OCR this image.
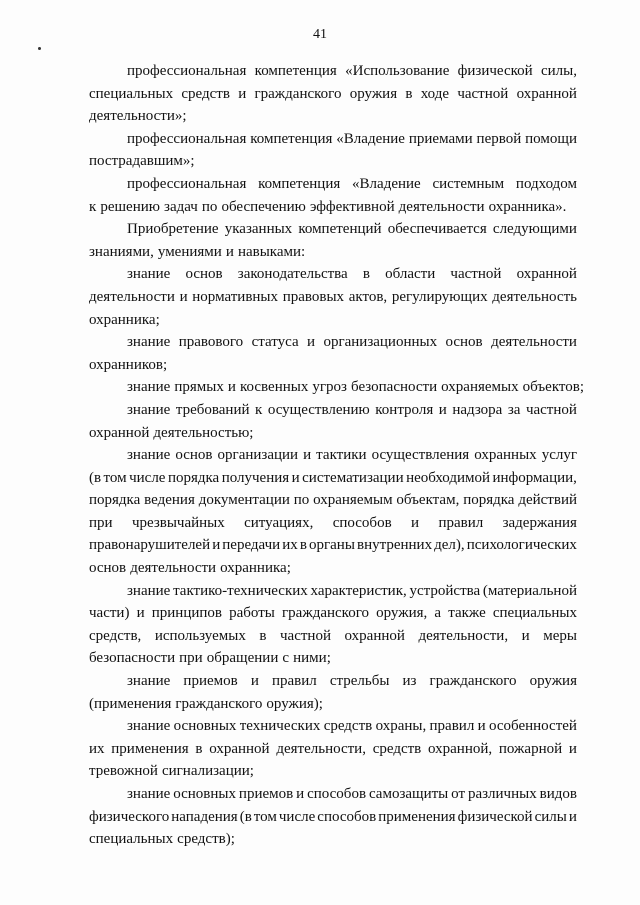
41
профессиональная компетенция «Использование физической силы,
специальных средств и гражданского оружия в ходе частной охранной
деятельности»;
профессиональная компетенция «Владение приемами первой помощи
пострадавшим»;
профессиональная компетенция «Владение системным подходом
к решению задач по обеспечению эффективной деятельности охранника».
Приобретение указанных компетенций обеспечивается следующими
знаниями, умениями и навыками:
знание основ законодательства в области частной охранной
деятельности и нормативных правовых актов, регулирующих деятельность
охранника;
знание правового статуса и организационных основ деятельности
охранников;
знание прямых и косвенных угроз безопасности охраняемых объектов;
знание требований к осуществлению контроля и надзора за частной
охранной деятельностью;
знание основ организации и тактики осуществления охранных услуг
(в том числе порядка получения и систематизации необходимой информации,
порядка ведения документации по охраняемым объектам, порядка действий
при чрезвычайных ситуациях, способов и правил задержания
правонарушителей и передачи их в органы внутренних дел), психологических
основ деятельности охранника;
знание тактико-технических характеристик, устройства (материальной
части) и принципов работы гражданского оружия, а также специальных
средств, используемых в частной охранной деятельности, и меры
безопасности при обращении с ними;
знание приемов и правил стрельбы из гражданского оружия
(применения гражданского оружия);
знание основных технических средств охраны, правил и особенностей
их применения в охранной деятельности, средств охранной, пожарной и
тревожной сигнализации;
знание основных приемов и способов самозащиты от различных видов
физического нападения (в том числе способов применения физической силы и
специальных средств);
